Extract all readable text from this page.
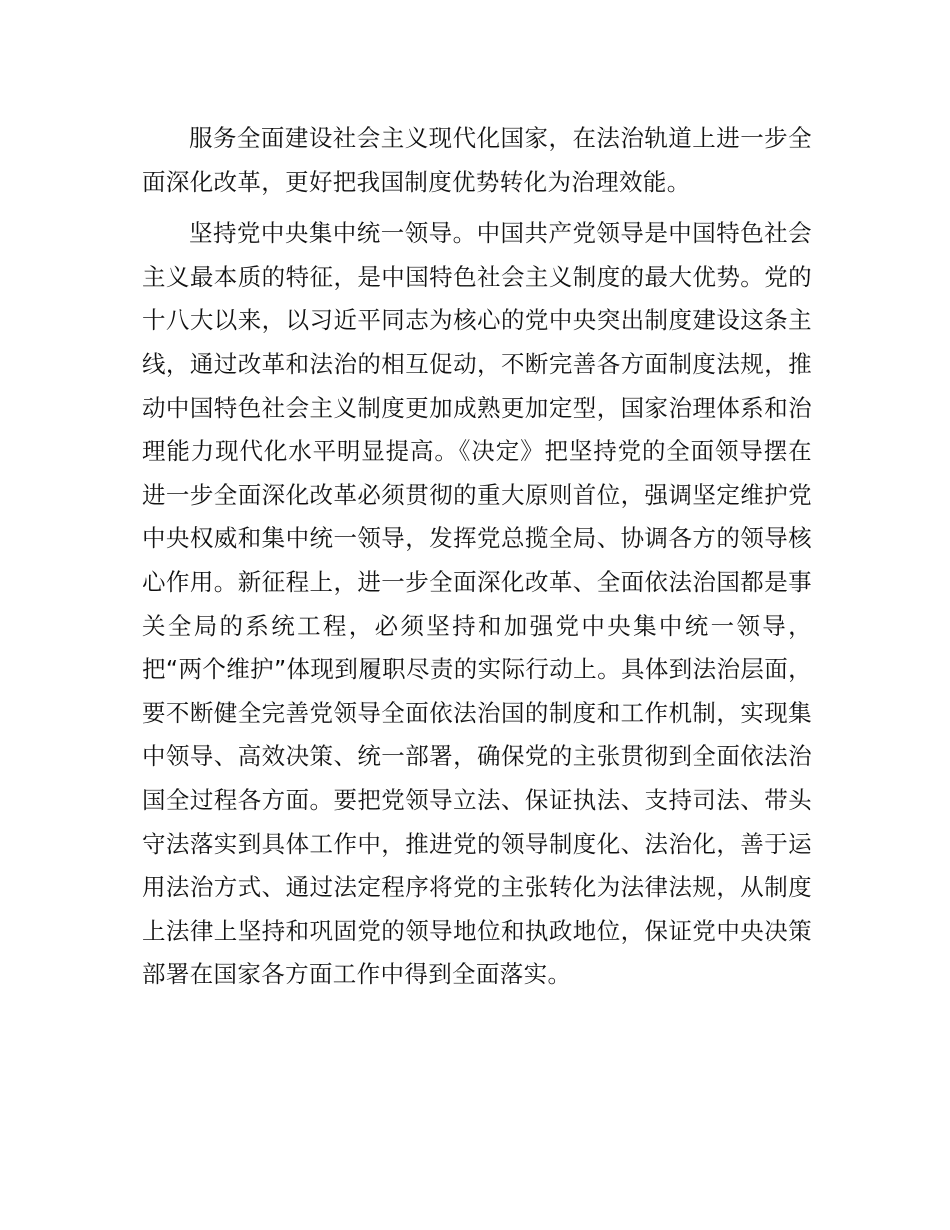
服务全面建设社会主义现代化国家，在法治轨道上进一步全面深化改革，更好把我国制度优势转化为治理效能。

坚持党中央集中统一领导。中国共产党领导是中国特色社会主义最本质的特征，是中国特色社会主义制度的最大优势。党的十八大以来，以习近平同志为核心的党中央突出制度建设这条主线，通过改革和法治的相互促动，不断完善各方面制度法规，推动中国特色社会主义制度更加成熟更加定型，国家治理体系和治理能力现代化水平明显提高。《决定》把坚持党的全面领导摆在进一步全面深化改革必须贯彻的重大原则首位，强调坚定维护党中央权威和集中统一领导，发挥党总揽全局、协调各方的领导核心作用。新征程上，进一步全面深化改革、全面依法治国都是事关全局的系统工程，必须坚持和加强党中央集中统一领导，把“两个维护”体现到履职尽责的实际行动上。具体到法治层面，要不断健全完善党领导全面依法治国的制度和工作机制，实现集中领导、高效决策、统一部署，确保党的主张贯彻到全面依法治国全过程各方面。要把党领导立法、保证执法、支持司法、带头守法落实到具体工作中，推进党的领导制度化、法治化，善于运用法治方式、通过法定程序将党的主张转化为法律法规，从制度上法律上坚持和巩固党的领导地位和执政地位，保证党中央决策部署在国家各方面工作中得到全面落实。
